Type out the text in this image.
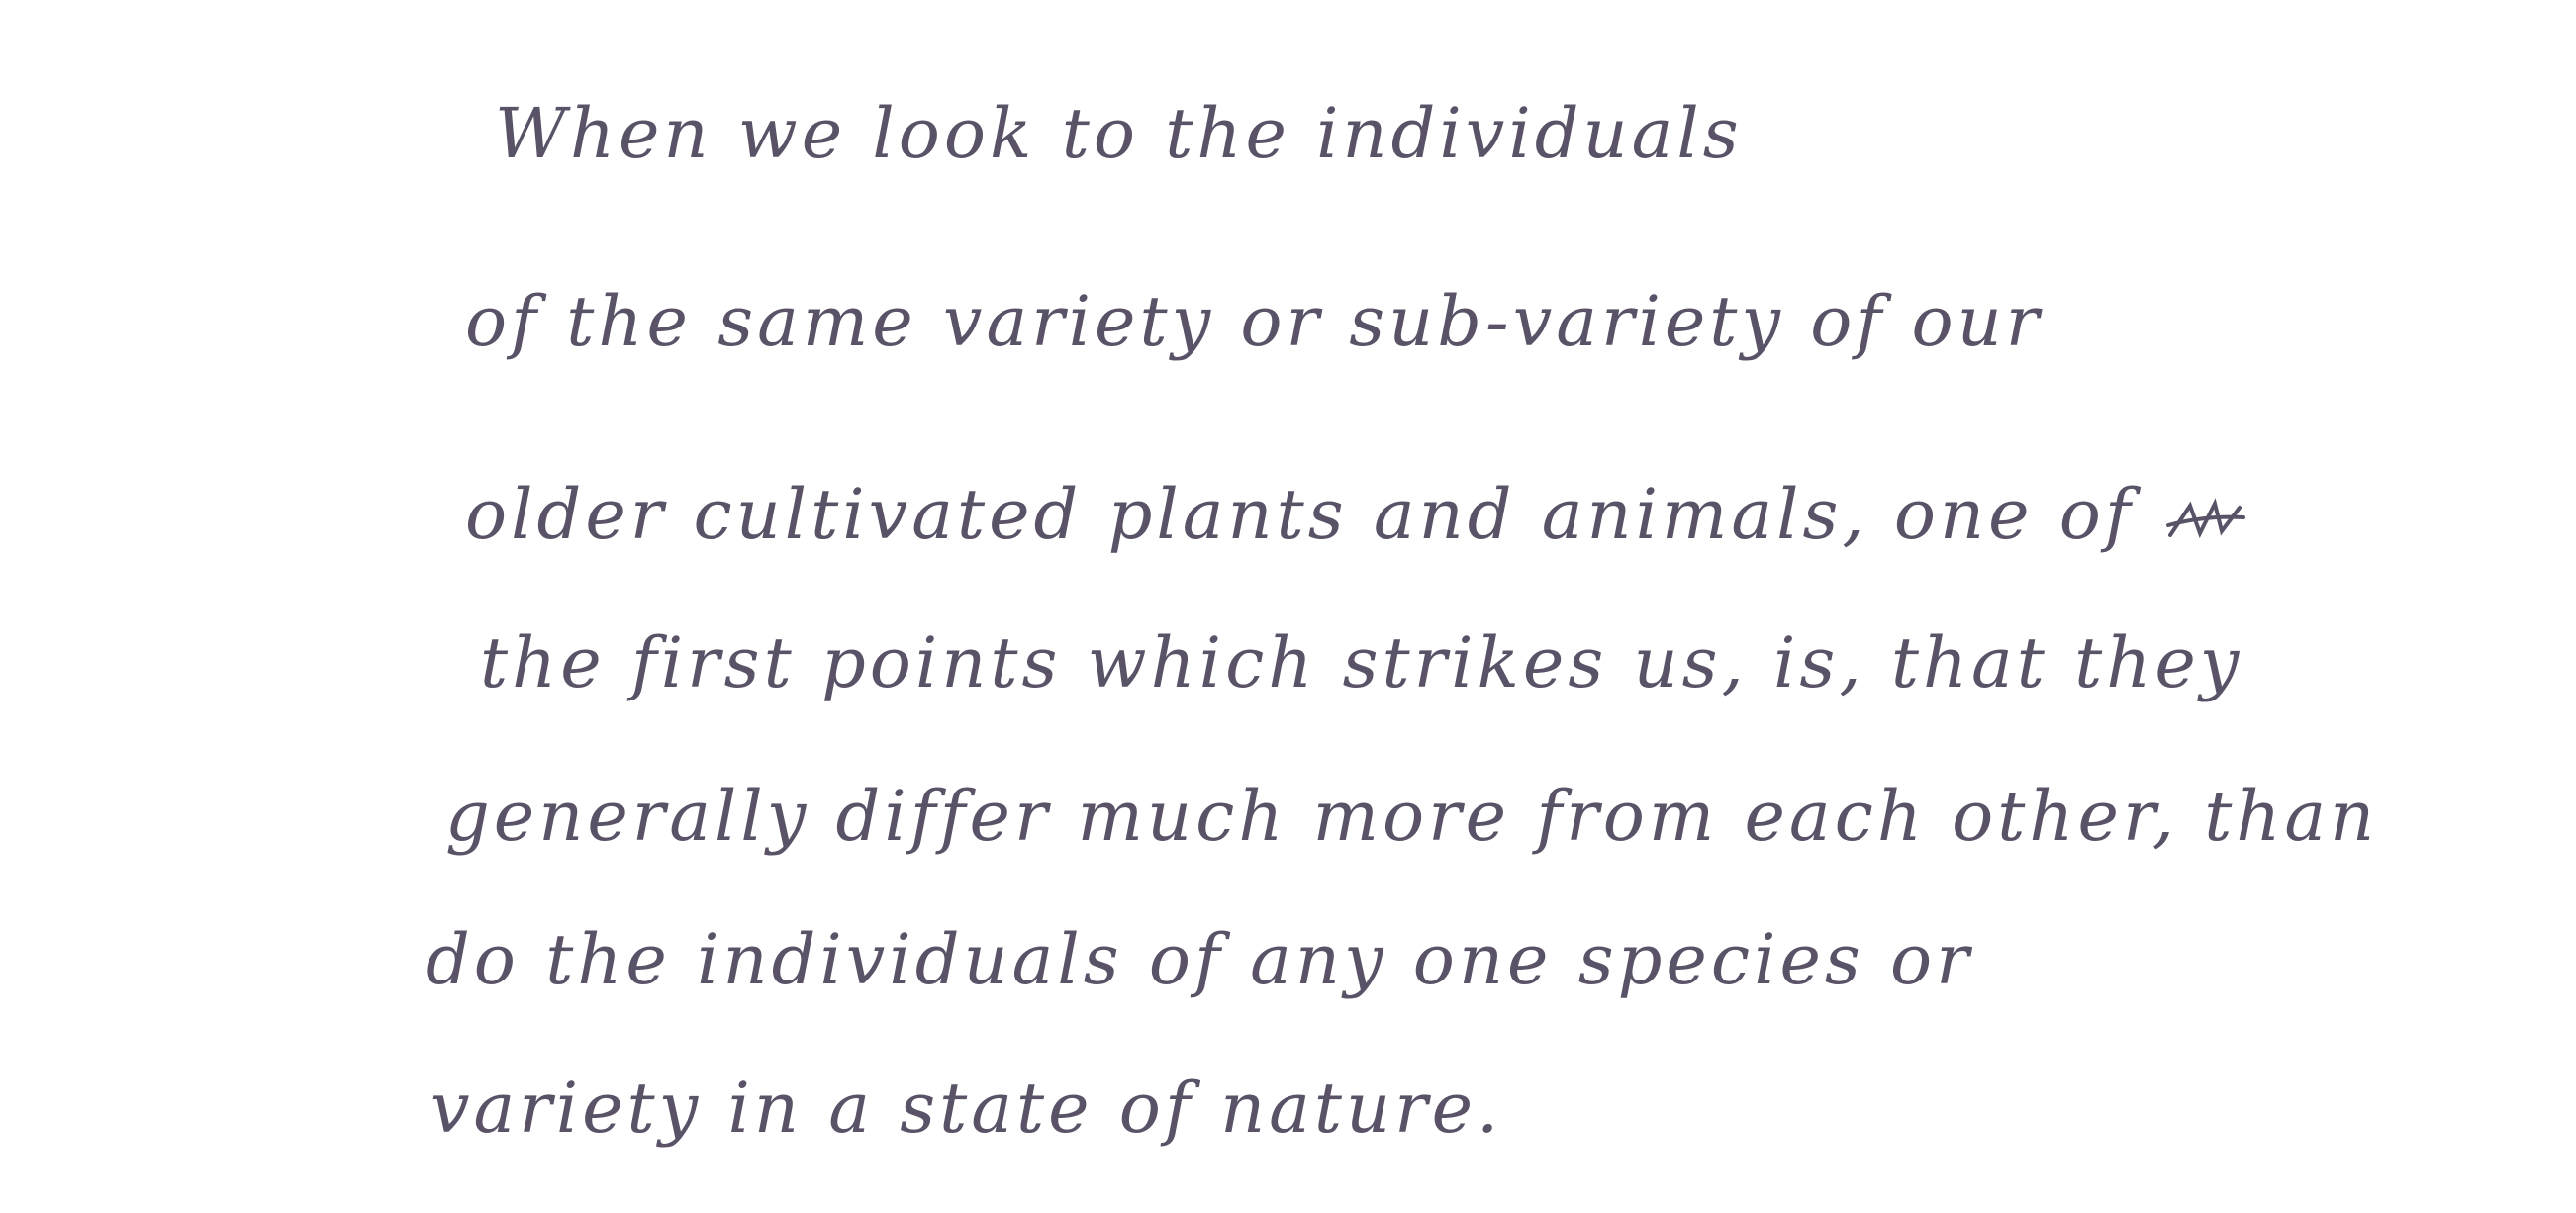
When we look to the individuals
of the same variety or sub-variety of our
older cultivated plants and animals, one of
the first points which strikes us, is, that they
generally differ much more from each other, than
do the individuals of any one species or
variety in a state of nature.
